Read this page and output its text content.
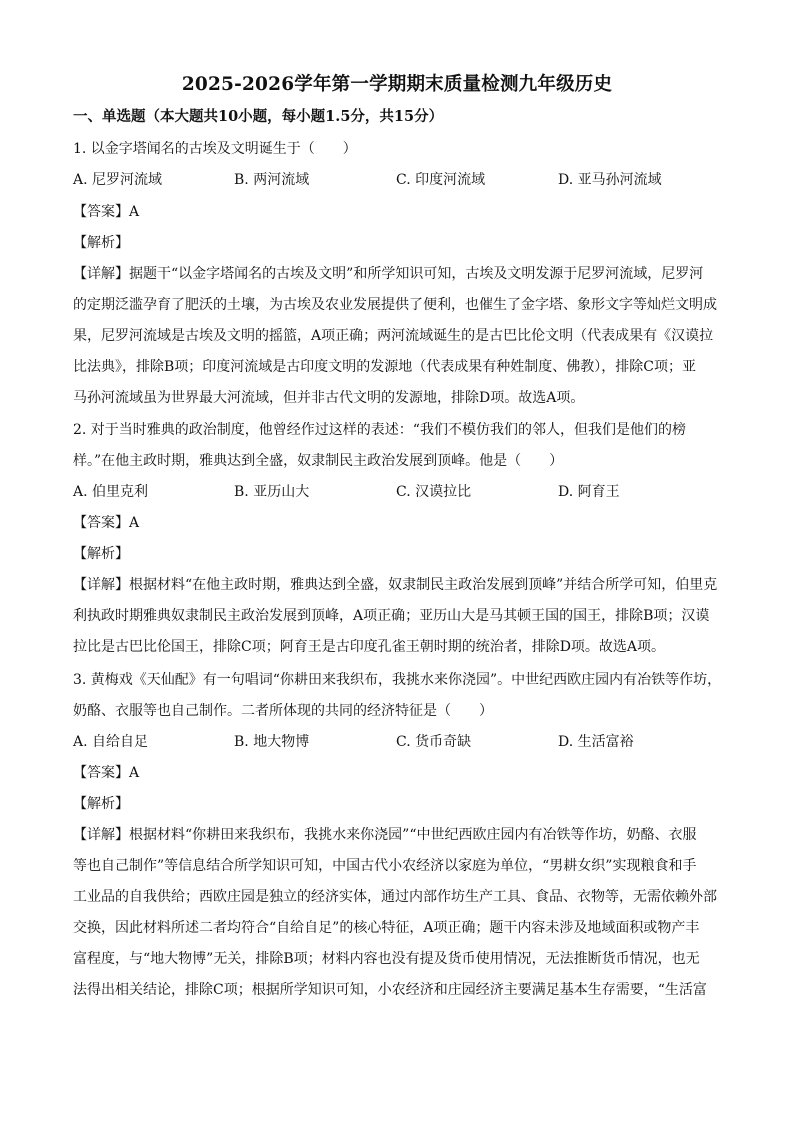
2025-2026学年第一学期期末质量检测九年级历史
一、单选题（本大题共10小题，每小题1.5分，共15分）
1. 以金字塔闻名的古埃及文明诞生于（　　）
A. 尼罗河流域	B. 两河流域	C. 印度河流域	D. 亚马孙河流域
【答案】A
【解析】
【详解】据题干“以金字塔闻名的古埃及文明”和所学知识可知，古埃及文明发源于尼罗河流域，尼罗河
的定期泛滥孕育了肥沃的土壤，为古埃及农业发展提供了便利，也催生了金字塔、象形文字等灿烂文明成
果，尼罗河流域是古埃及文明的摇篮，A项正确；两河流域诞生的是古巴比伦文明（代表成果有《汉谟拉
比法典》，排除B项；印度河流域是古印度文明的发源地（代表成果有种姓制度、佛教），排除C项；亚
马孙河流域虽为世界最大河流域，但并非古代文明的发源地，排除D项。故选A项。
2. 对于当时雅典的政治制度，他曾经作过这样的表述：“我们不模仿我们的邻人，但我们是他们的榜
样。”在他主政时期，雅典达到全盛，奴隶制民主政治发展到顶峰。他是（　　）
A. 伯里克利	B. 亚历山大	C. 汉谟拉比	D. 阿育王
【答案】A
【解析】
【详解】根据材料“在他主政时期，雅典达到全盛，奴隶制民主政治发展到顶峰”并结合所学可知，伯里克
利执政时期雅典奴隶制民主政治发展到顶峰，A项正确；亚历山大是马其顿王国的国王，排除B项；汉谟
拉比是古巴比伦国王，排除C项；阿育王是古印度孔雀王朝时期的统治者，排除D项。故选A项。
3. 黄梅戏《天仙配》有一句唱词“你耕田来我织布，我挑水来你浇园”。中世纪西欧庄园内有冶铁等作坊，
奶酪、衣服等也自己制作。二者所体现的共同的经济特征是（　　）
A. 自给自足	B. 地大物博	C. 货币奇缺	D. 生活富裕
【答案】A
【解析】
【详解】根据材料“你耕田来我织布，我挑水来你浇园”“中世纪西欧庄园内有冶铁等作坊，奶酪、衣服
等也自己制作”等信息结合所学知识可知，中国古代小农经济以家庭为单位，“男耕女织”实现粮食和手
工业品的自我供给；西欧庄园是独立的经济实体，通过内部作坊生产工具、食品、衣物等，无需依赖外部
交换，因此材料所述二者均符合“自给自足”的核心特征，A项正确；题干内容未涉及地域面积或物产丰
富程度，与“地大物博”无关，排除B项；材料内容也没有提及货币使用情况，无法推断货币情况，也无
法得出相关结论，排除C项；根据所学知识可知，小农经济和庄园经济主要满足基本生存需要，“生活富
